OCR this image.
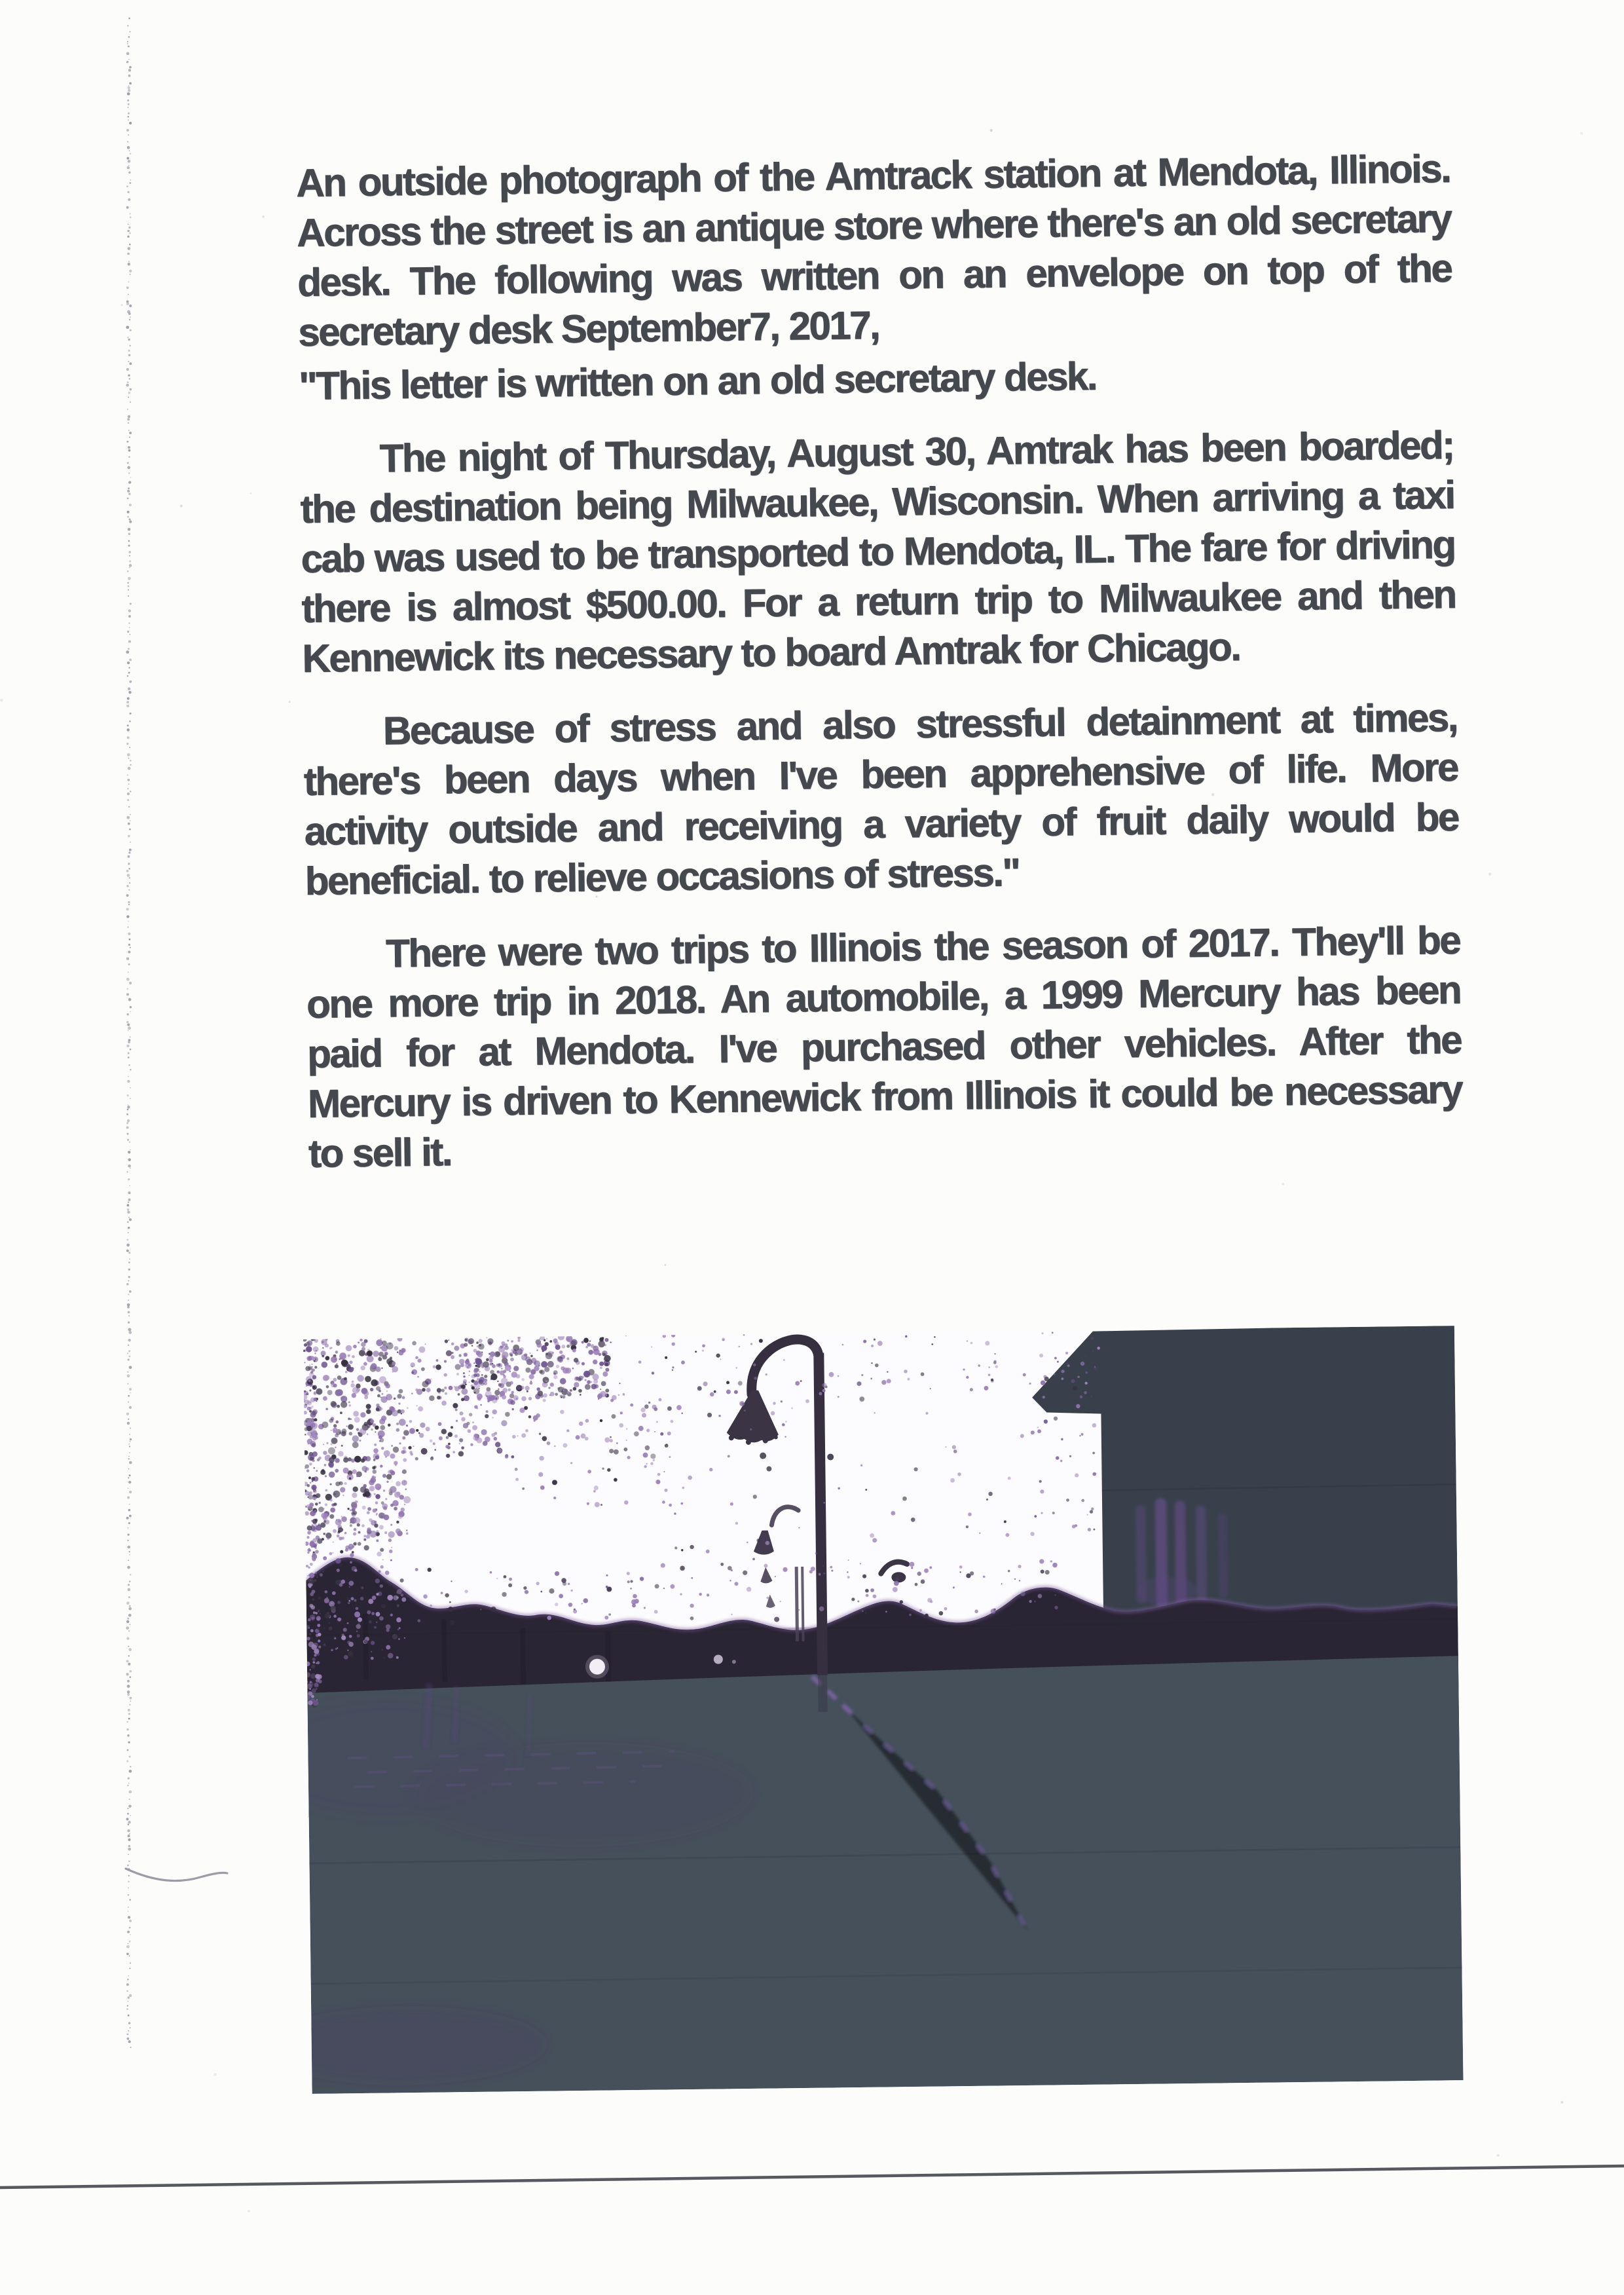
An outside photograph of the Amtrack station at Mendota, Illinois. Across the street is an antique store where there's an old secretary desk. The following was written on an envelope on top of the secretary desk September7, 2017,

"This letter is written on an old secretary desk.

The night of Thursday, August 30, Amtrak has been boarded; the destination being Milwaukee, Wisconsin. When arriving a taxi cab was used to be transported to Mendota, IL. The fare for driving there is almost $500.00. For a return trip to Milwaukee and then Kennewick its necessary to board Amtrak for Chicago.

Because of stress and also stressful detainment at times, there's been days when I've been apprehensive of life. More activity outside and receiving a variety of fruit daily would be beneficial. to relieve occasions of stress."

There were two trips to Illinois the season of 2017. They'll be one more trip in 2018. An automobile, a 1999 Mercury has been paid for at Mendota. I've purchased other vehicles. After the Mercury is driven to Kennewick from Illinois it could be necessary to sell it.
